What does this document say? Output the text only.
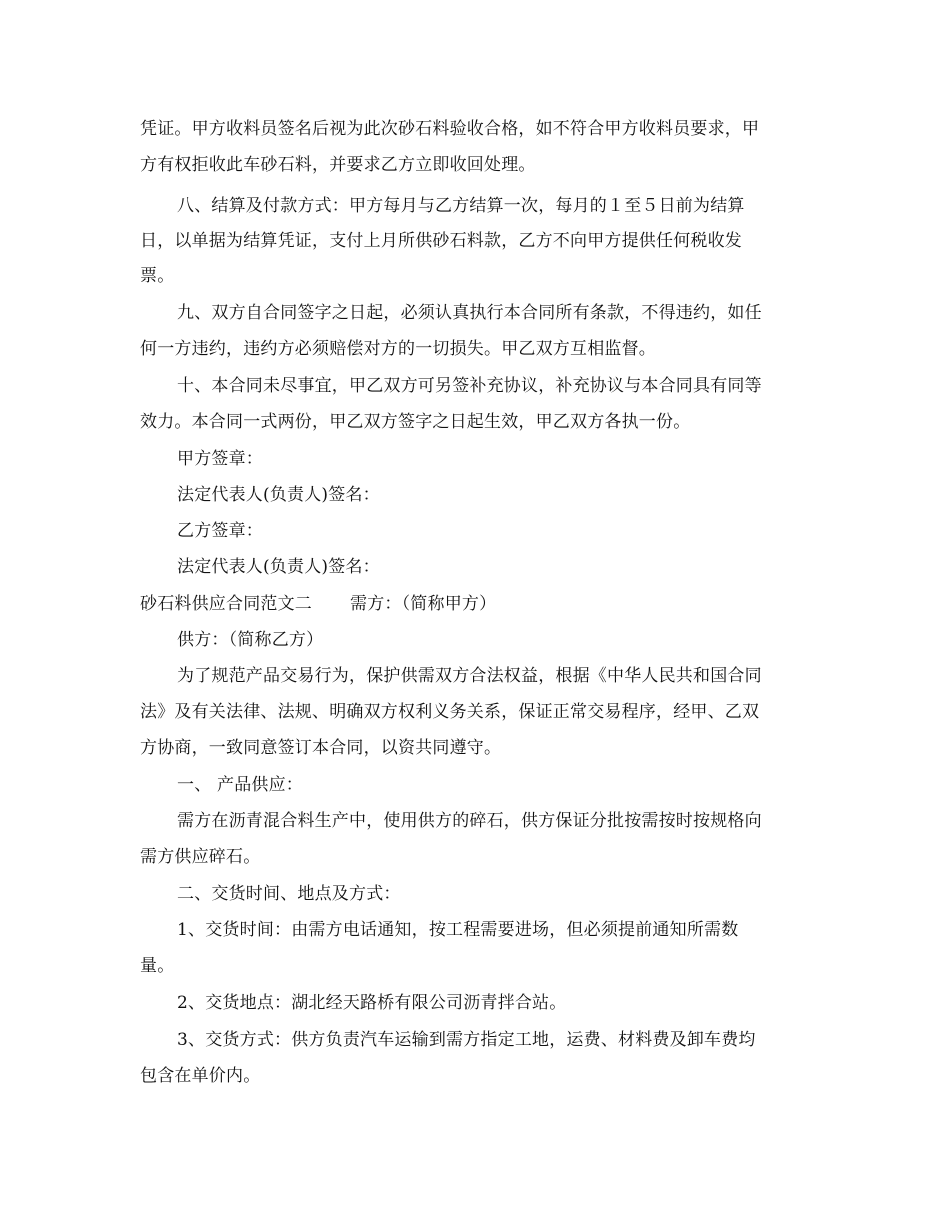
凭证。甲方收料员签名后视为此次砂石料验收合格，如不符合甲方收料员要求，甲
方有权拒收此车砂石料，并要求乙方立即收回处理。
八、结算及付款方式：甲方每月与乙方结算一次，每月的１至５日前为结算
日，以单据为结算凭证，支付上月所供砂石料款，乙方不向甲方提供任何税收发
票。
九、双方自合同签字之日起，必须认真执行本合同所有条款，不得违约，如任
何一方违约，违约方必须赔偿对方的一切损失。甲乙双方互相监督。
十、本合同未尽事宜，甲乙双方可另签补充协议，补充协议与本合同具有同等
效力。本合同一式两份，甲乙双方签字之日起生效，甲乙双方各执一份。
甲方签章：
法定代表人(负责人)签名：
乙方签章：
法定代表人(负责人)签名：
砂石料供应合同范文二 需方：（简称甲方）
供方：（简称乙方）
为了规范产品交易行为，保护供需双方合法权益，根据《中华人民共和国合同
法》及有关法律、法规、明确双方权利义务关系，保证正常交易程序，经甲、乙双
方协商，一致同意签订本合同，以资共同遵守。
一、 产品供应：
需方在沥青混合料生产中，使用供方的碎石，供方保证分批按需按时按规格向
需方供应碎石。
二、交货时间、地点及方式：
1、交货时间：由需方电话通知，按工程需要进场，但必须提前通知所需数
量。
2、交货地点：湖北经天路桥有限公司沥青拌合站。
3、交货方式：供方负责汽车运输到需方指定工地，运费、材料费及卸车费均
包含在单价内。
